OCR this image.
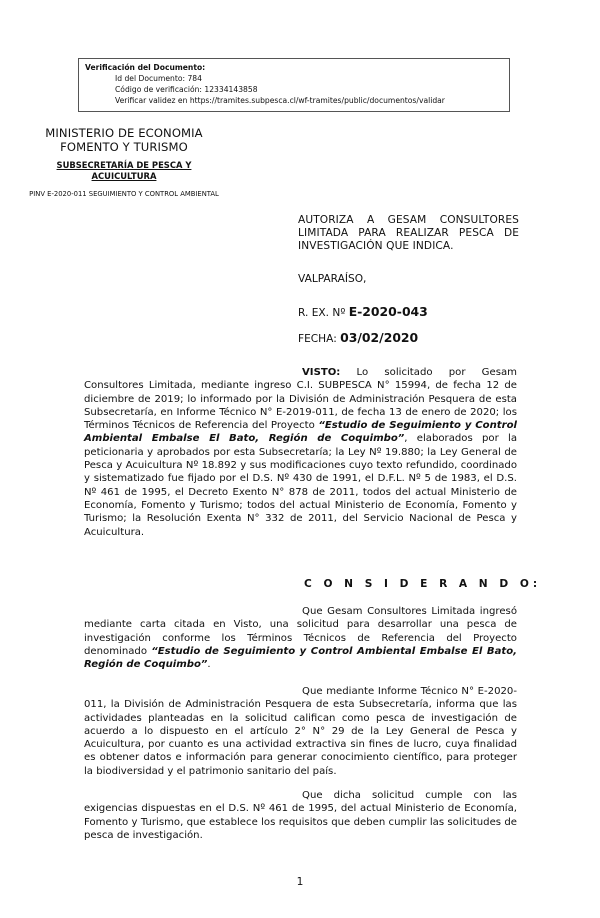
Verificación del Documento:
• Id del Documento: 784
• Código de verificación: 12334143858
• Verificar validez en https://tramites.subpesca.cl/wf-tramites/public/documentos/validar
MINISTERIO DE ECONOMIA
FOMENTO Y TURISMO
SUBSECRETARÍA DE PESCA Y ACUICULTURA
PINV E-2020-011 SEGUIMIENTO Y CONTROL AMBIENTAL
AUTORIZA A GESAM CONSULTORES LIMITADA PARA REALIZAR PESCA DE INVESTIGACIÓN QUE INDICA.
VALPARAÍSO,
R. EX. Nº E-2020-043
FECHA: 03/02/2020
VISTO: Lo solicitado por Gesam Consultores Limitada, mediante ingreso C.I. SUBPESCA N° 15994, de fecha 12 de diciembre de 2019; lo informado por la División de Administración Pesquera de esta Subsecretaría, en Informe Técnico N° E-2019-011, de fecha 13 de enero de 2020; los Términos Técnicos de Referencia del Proyecto “Estudio de Seguimiento y Control Ambiental Embalse El Bato, Región de Coquimbo”, elaborados por la peticionaria y aprobados por esta Subsecretaría; la Ley Nº 19.880; la Ley General de Pesca y Acuicultura Nº 18.892 y sus modificaciones cuyo texto refundido, coordinado y sistematizado fue fijado por el D.S. Nº 430 de 1991, el D.F.L. Nº 5 de 1983, el D.S. Nº 461 de 1995, el Decreto Exento N° 878 de 2011, todos del actual Ministerio de Economía, Fomento y Turismo; todos del actual Ministerio de Economía, Fomento y Turismo; la Resolución Exenta N° 332 de 2011, del Servicio Nacional de Pesca y Acuicultura.
C O N S I D E R A N D O:
Que Gesam Consultores Limitada ingresó mediante carta citada en Visto, una solicitud para desarrollar una pesca de investigación conforme los Términos Técnicos de Referencia del Proyecto denominado “Estudio de Seguimiento y Control Ambiental Embalse El Bato, Región de Coquimbo”.
Que mediante Informe Técnico N° E-2020-011, la División de Administración Pesquera de esta Subsecretaría, informa que las actividades planteadas en la solicitud califican como pesca de investigación de acuerdo a lo dispuesto en el artículo 2° N° 29 de la Ley General de Pesca y Acuicultura, por cuanto es una actividad extractiva sin fines de lucro, cuya finalidad es obtener datos e información para generar conocimiento científico, para proteger la biodiversidad y el patrimonio sanitario del país.
Que dicha solicitud cumple con las exigencias dispuestas en el D.S. Nº 461 de 1995, del actual Ministerio de Economía, Fomento y Turismo, que establece los requisitos que deben cumplir las solicitudes de pesca de investigación.
1
